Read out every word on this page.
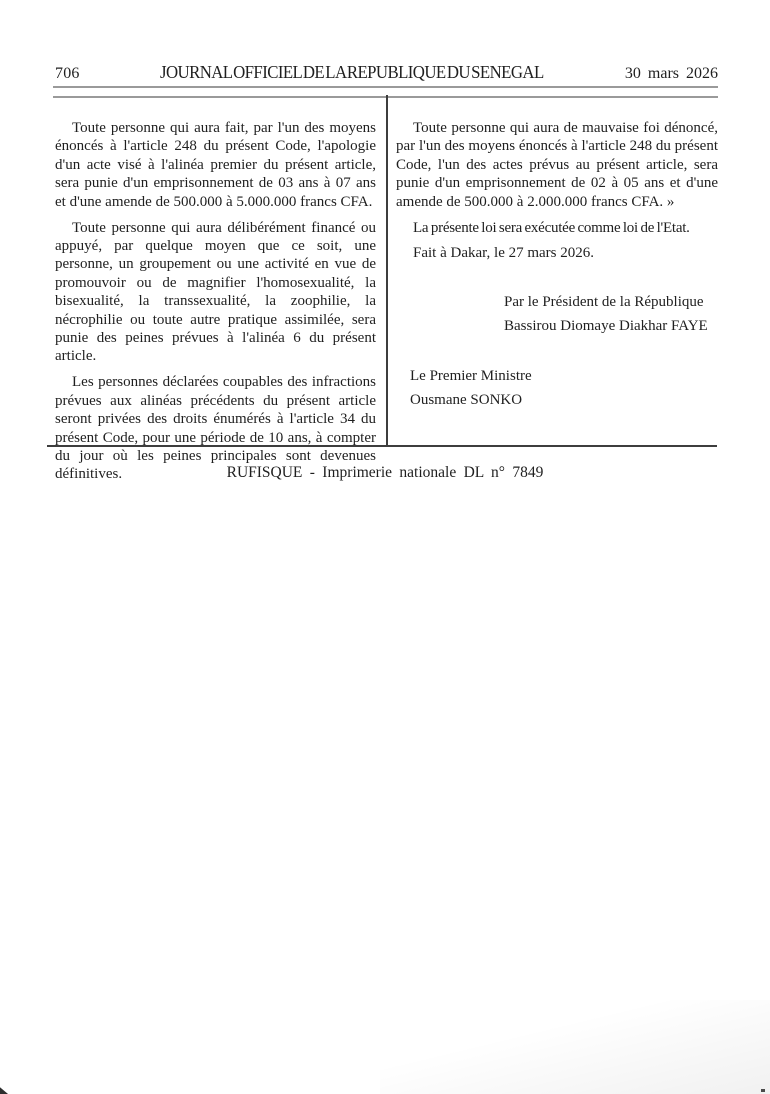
706	JOURNAL OFFICIEL DE LA REPUBLIQUE DU SENEGAL	30 mars 2026

Toute personne qui aura fait, par l'un des moyens énoncés à l'article 248 du présent Code, l'apologie d'un acte visé à l'alinéa premier du présent article, sera punie d'un emprisonnement de 03 ans à 07 ans et d'une amende de 500.000 à 5.000.000 francs CFA.

Toute personne qui aura délibérément financé ou appuyé, par quelque moyen que ce soit, une personne, un groupement ou une activité en vue de promouvoir ou de magnifier l'homosexualité, la bisexualité, la transsexualité, la zoophilie, la nécrophilie ou toute autre pratique assimilée, sera punie des peines prévues à l'alinéa 6 du présent article.

Les personnes déclarées coupables des infractions prévues aux alinéas précédents du présent article seront privées des droits énumérés à l'article 34 du présent Code, pour une période de 10 ans, à compter du jour où les peines principales sont devenues définitives.

Toute personne qui aura de mauvaise foi dénoncé, par l'un des moyens énoncés à l'article 248 du présent Code, l'un des actes prévus au présent article, sera punie d'un emprisonnement de 02 à 05 ans et d'une amende de 500.000 à 2.000.000 francs CFA. »

La présente loi sera exécutée comme loi de l'Etat.

Fait à Dakar, le 27 mars 2026.

Par le Président de la République
Bassirou Diomaye Diakhar FAYE
Le Premier Ministre
Ousmane SONKO
RUFISQUE - Imprimerie nationale DL n° 7849
